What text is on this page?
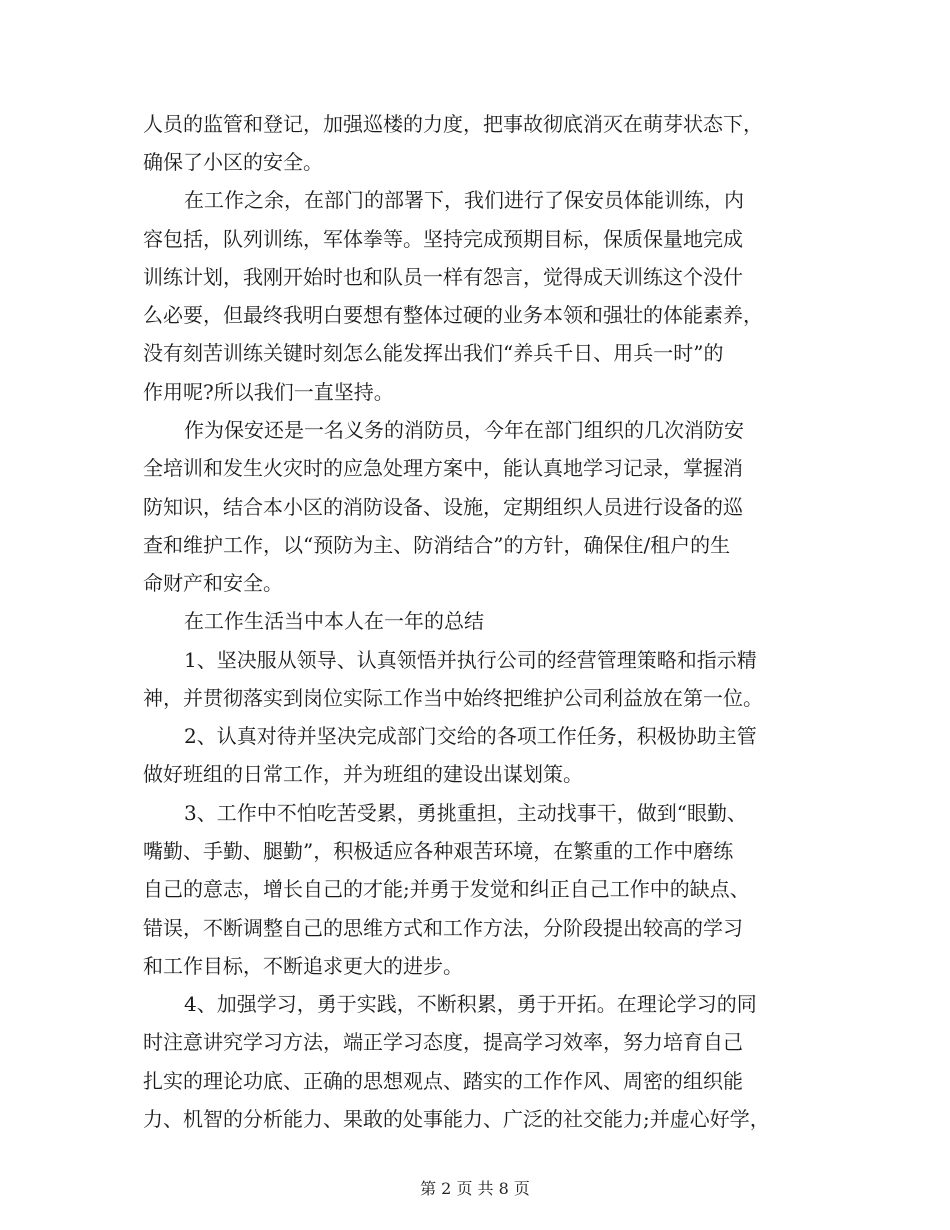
人员的监管和登记，加强巡楼的力度，把事故彻底消灭在萌芽状态下，
确保了小区的安全。
在工作之余，在部门的部署下，我们进行了保安员体能训练，内
容包括，队列训练，军体拳等。坚持完成预期目标，保质保量地完成
训练计划，我刚开始时也和队员一样有怨言，觉得成天训练这个没什
么必要，但最终我明白要想有整体过硬的业务本领和强壮的体能素养，
没有刻苦训练关键时刻怎么能发挥出我们“养兵千日、用兵一时”的
作用呢?所以我们一直坚持。
作为保安还是一名义务的消防员，今年在部门组织的几次消防安
全培训和发生火灾时的应急处理方案中，能认真地学习记录，掌握消
防知识，结合本小区的消防设备、设施，定期组织人员进行设备的巡
查和维护工作，以“预防为主、防消结合”的方针，确保住/租户的生
命财产和安全。
在工作生活当中本人在一年的总结
1、坚决服从领导、认真领悟并执行公司的经营管理策略和指示精
神，并贯彻落实到岗位实际工作当中始终把维护公司利益放在第一位。
2、认真对待并坚决完成部门交给的各项工作任务，积极协助主管
做好班组的日常工作，并为班组的建设出谋划策。
3、工作中不怕吃苦受累，勇挑重担，主动找事干，做到“眼勤、
嘴勤、手勤、腿勤”，积极适应各种艰苦环境，在繁重的工作中磨练
自己的意志，增长自己的才能;并勇于发觉和纠正自己工作中的缺点、
错误，不断调整自己的思维方式和工作方法，分阶段提出较高的学习
和工作目标，不断追求更大的进步。
4、加强学习，勇于实践，不断积累，勇于开拓。在理论学习的同
时注意讲究学习方法，端正学习态度，提高学习效率，努力培育自己
扎实的理论功底、正确的思想观点、踏实的工作作风、周密的组织能
力、机智的分析能力、果敢的处事能力、广泛的社交能力;并虚心好学，
第 2 页 共 8 页
